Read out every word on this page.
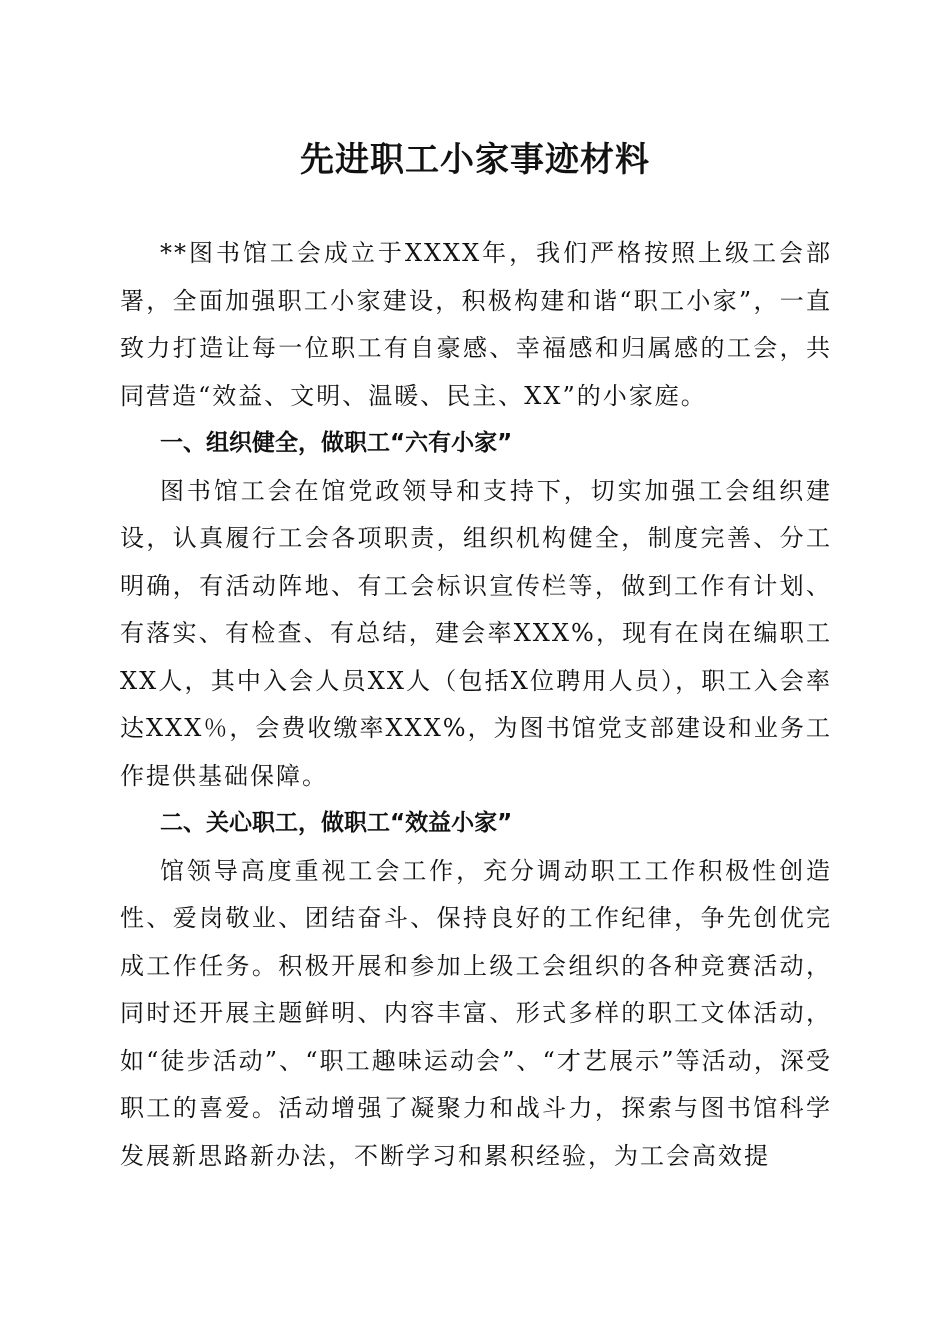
先进职工小家事迹材料

**图书馆工会成立于XXXX年，我们严格按照上级工会部署，全面加强职工小家建设，积极构建和谐“职工小家”，一直致力打造让每一位职工有自豪感、幸福感和归属感的工会，共同营造“效益、文明、温暖、民主、XX”的小家庭。

一、组织健全，做职工“六有小家”

图书馆工会在馆党政领导和支持下，切实加强工会组织建设，认真履行工会各项职责，组织机构健全，制度完善、分工明确，有活动阵地、有工会标识宣传栏等，做到工作有计划、有落实、有检查、有总结，建会率XXX%，现有在岗在编职工XX人，其中入会人员XX人（包括X位聘用人员），职工入会率达XXX％，会费收缴率XXX%，为图书馆党支部建设和业务工作提供基础保障。

二、关心职工，做职工“效益小家”

馆领导高度重视工会工作，充分调动职工工作积极性创造性、爱岗敬业、团结奋斗、保持良好的工作纪律，争先创优完成工作任务。积极开展和参加上级工会组织的各种竞赛活动，同时还开展主题鲜明、内容丰富、形式多样的职工文体活动，如“徒步活动”、“职工趣味运动会”、“才艺展示”等活动，深受职工的喜爱。活动增强了凝聚力和战斗力，探索与图书馆科学发展新思路新办法，不断学习和累积经验，为工会高效提
